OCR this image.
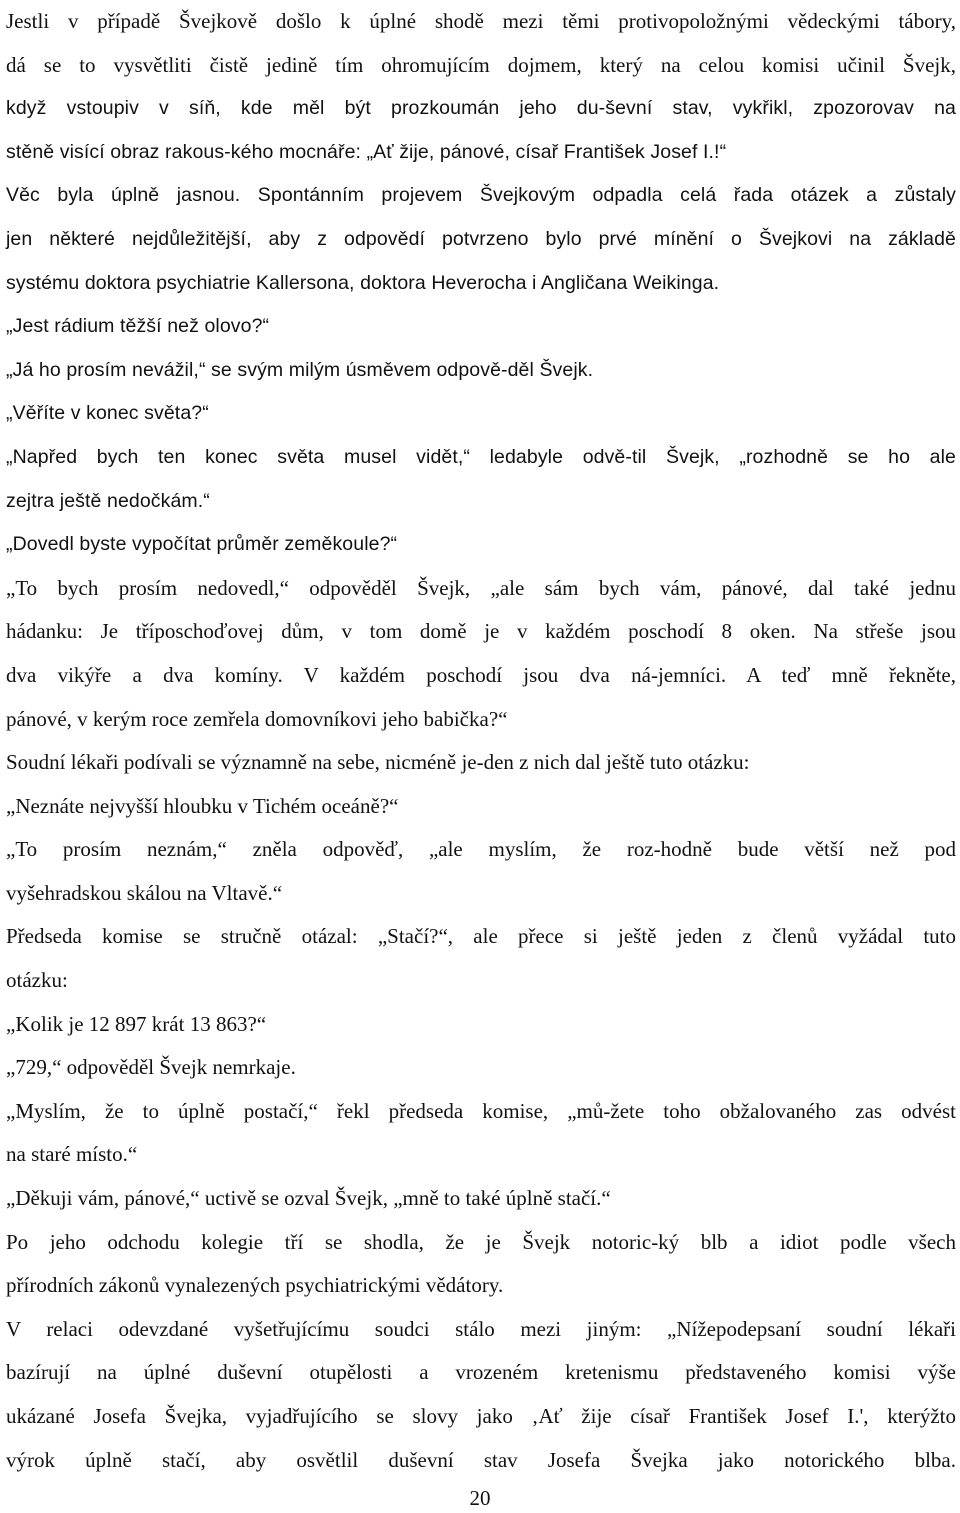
Jestli v případě Švejkově došlo k úplné shodě mezi těmi protivopoložnými vědeckými tábory,
dá se to vysvětliti čistě jedině tím ohromujícím dojmem, který na celou komisi učinil Švejk,
když vstoupiv v síň, kde měl být prozkoumán jeho du-ševní stav, vykřikl, zpozorovav na
stěně visící obraz rakous-kého mocnáře: „Ať žije, pánové, císař František Josef I.!“
Věc byla úplně jasnou. Spontánním projevem Švejkovým odpadla celá řada otázek a zůstaly
jen některé nejdůležitější, aby z odpovědí potvrzeno bylo prvé mínění o Švejkovi na základě
systému doktora psychiatrie Kallersona, doktora Heverocha i Angličana Weikinga.
„Jest rádium těžší než olovo?“
„Já ho prosím nevážil,“ se svým milým úsměvem odpově-děl Švejk.
„Věříte v konec světa?“
„Napřed bych ten konec světa musel vidět,“ ledabyle odvě-til Švejk, „rozhodně se ho ale
zejtra ještě nedočkám.“
„Dovedl byste vypočítat průměr zeměkoule?“
„To bych prosím nedovedl,“ odpověděl Švejk, „ale sám bych vám, pánové, dal také jednu
hádanku: Je tříposchoďovej dům, v tom domě je v každém poschodí 8 oken. Na střeše jsou
dva vikýře a dva komíny. V každém poschodí jsou dva ná-jemníci. A teď mně řekněte,
pánové, v kerým roce zemřela domovníkovi jeho babička?“
Soudní lékaři podívali se významně na sebe, nicméně je-den z nich dal ještě tuto otázku:
„Neznáte nejvyšší hloubku v Tichém oceáně?“
„To prosím neznám,“ zněla odpověď, „ale myslím, že roz-hodně bude větší než pod
vyšehradskou skálou na Vltavě.“
Předseda komise se stručně otázal: „Stačí?“, ale přece si ještě jeden z členů vyžádal tuto
otázku:
„Kolik je 12 897 krát 13 863?“
„729,“ odpověděl Švejk nemrkaje.
„Myslím, že to úplně postačí,“ řekl předseda komise, „mů-žete toho obžalovaného zas odvést
na staré místo.“
„Děkuji vám, pánové,“ uctivě se ozval Švejk, „mně to také úplně stačí.“
Po jeho odchodu kolegie tří se shodla, že je Švejk notoric-ký blb a idiot podle všech
přírodních zákonů vynalezených psychiatrickými vědátory.
V relaci odevzdané vyšetřujícímu soudci stálo mezi jiným: „Nížepodepsaní soudní lékaři
bazírují na úplné duševní otupělosti a vrozeném kretenismu představeného komisi výše
ukázané Josefa Švejka, vyjadřujícího se slovy jako ‚Ať žije císař František Josef I.', kterýžto
výrok úplně stačí, aby osvětlil duševní stav Josefa Švejka jako notorického blba.
20
